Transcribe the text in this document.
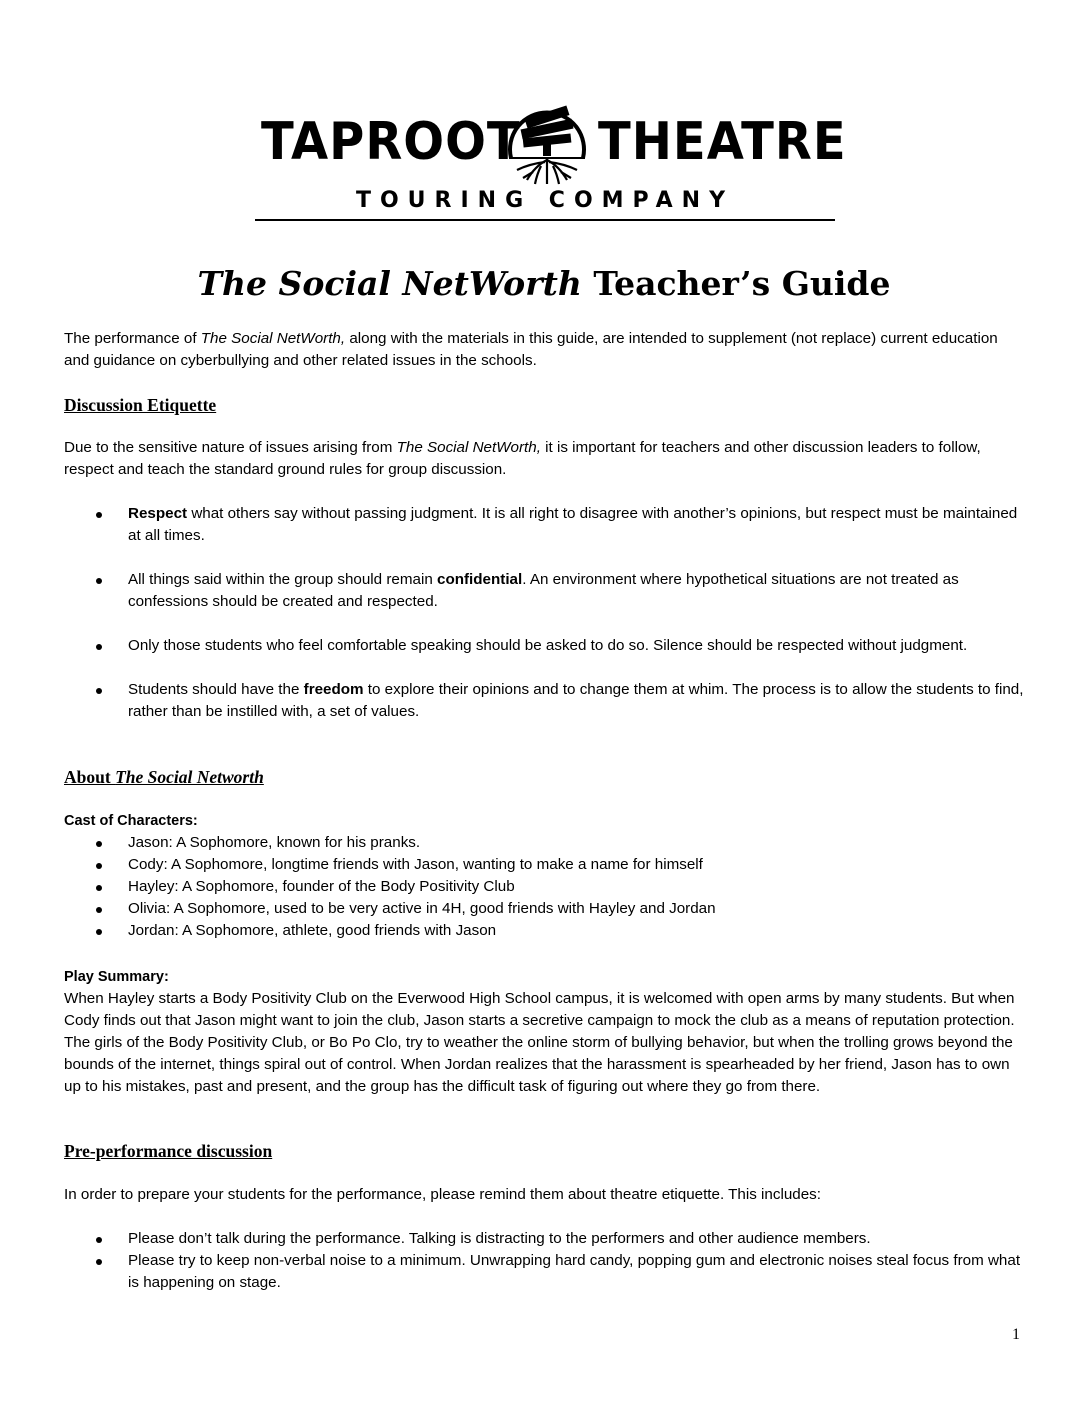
TAPROOT THEATRE
TOURING COMPANY
The Social NetWorth Teacher’s Guide

The performance of The Social NetWorth, along with the materials in this guide, are intended to supplement (not replace) current education and guidance on cyberbullying and other related issues in the schools.

Discussion Etiquette

Due to the sensitive nature of issues arising from The Social NetWorth, it is important for teachers and other discussion leaders to follow, respect and teach the standard ground rules for group discussion.

Respect what others say without passing judgment. It is all right to disagree with another’s opinions, but respect must be maintained at all times.
All things said within the group should remain confidential. An environment where hypothetical situations are not treated as confessions should be created and respected.
Only those students who feel comfortable speaking should be asked to do so. Silence should be respected without judgment.
Students should have the freedom to explore their opinions and to change them at whim. The process is to allow the students to find, rather than be instilled with, a set of values.
About The Social Networth
Cast of Characters:
Jason: A Sophomore, known for his pranks.
Cody: A Sophomore, longtime friends with Jason, wanting to make a name for himself
Hayley: A Sophomore, founder of the Body Positivity Club
Olivia: A Sophomore, used to be very active in 4H, good friends with Hayley and Jordan
Jordan: A Sophomore, athlete, good friends with Jason
Play Summary:

When Hayley starts a Body Positivity Club on the Everwood High School campus, it is welcomed with open arms by many students. But when Cody finds out that Jason might want to join the club, Jason starts a secretive campaign to mock the club as a means of reputation protection. The girls of the Body Positivity Club, or Bo Po Clo, try to weather the online storm of bullying behavior, but when the trolling grows beyond the bounds of the internet, things spiral out of control. When Jordan realizes that the harassment is spearheaded by her friend, Jason has to own up to his mistakes, past and present, and the group has the difficult task of figuring out where they go from there.

Pre-performance discussion

In order to prepare your students for the performance, please remind them about theatre etiquette. This includes:

Please don’t talk during the performance. Talking is distracting to the performers and other audience members.
Please try to keep non-verbal noise to a minimum. Unwrapping hard candy, popping gum and electronic noises steal focus from what is happening on stage.
1
